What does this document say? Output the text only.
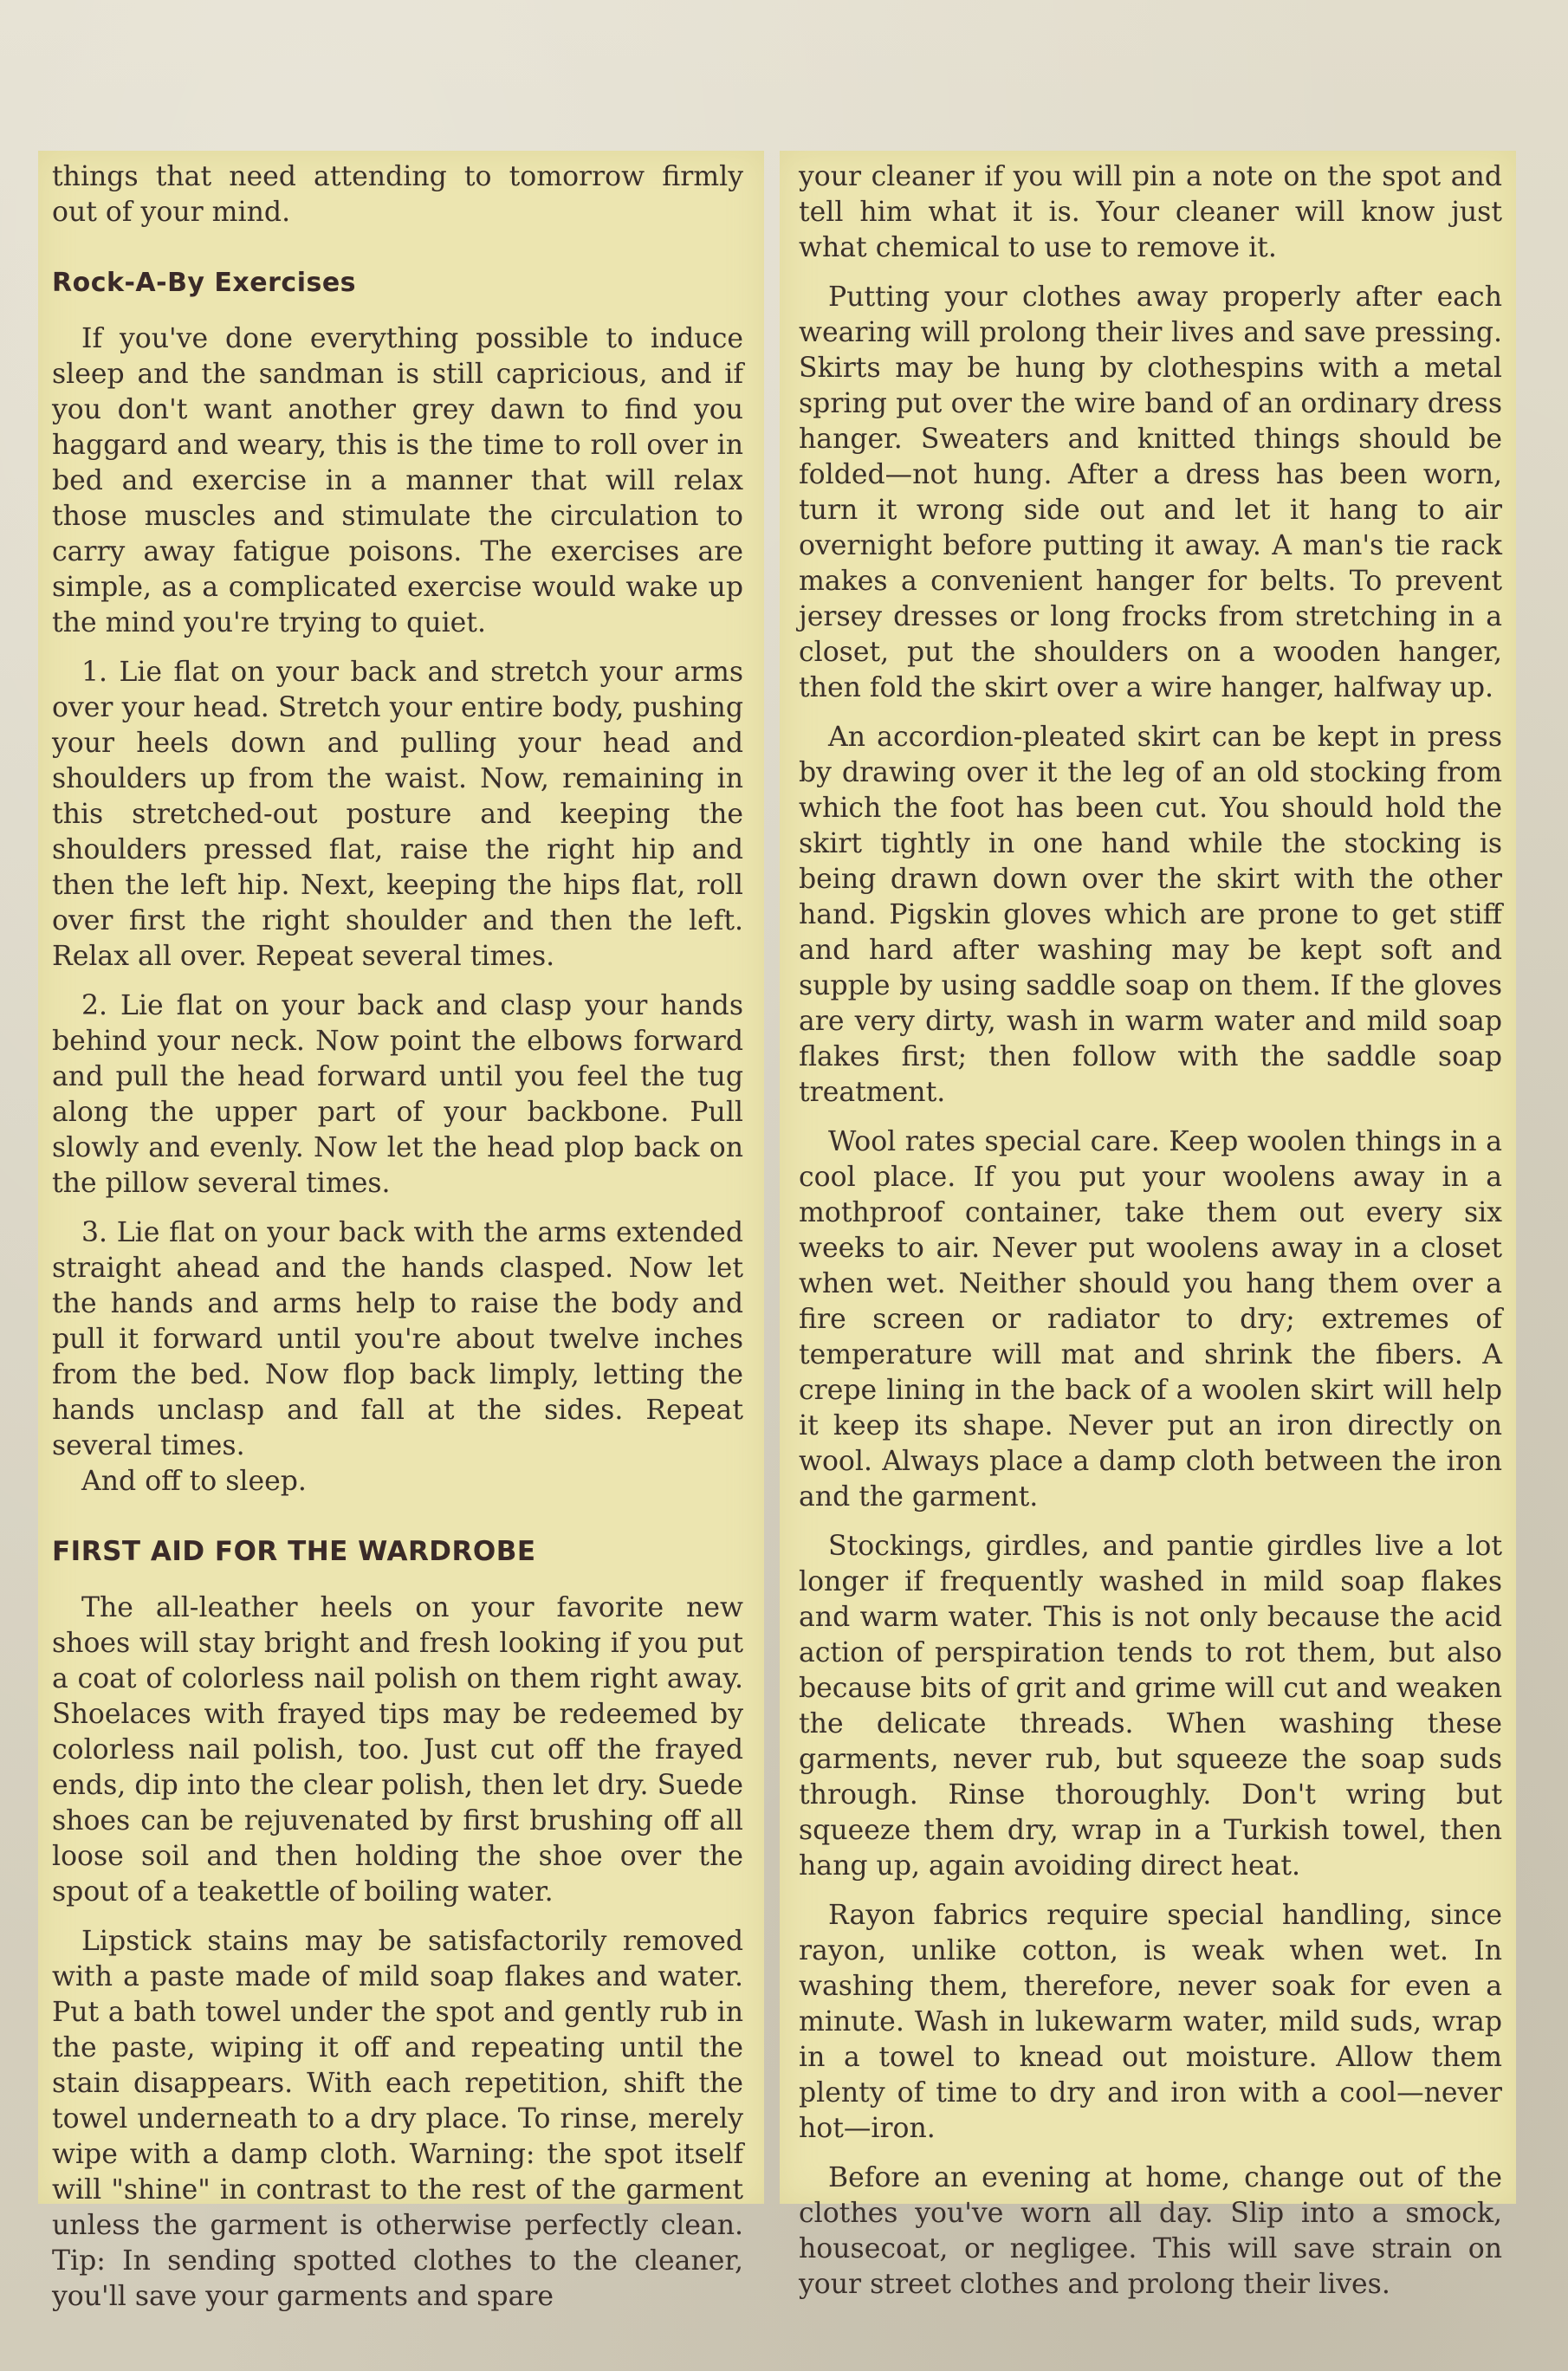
things that need attending to tomorrow firmly out of your mind.

Rock-A-By Exercises

If you've done everything possible to induce sleep and the sandman is still capricious, and if you don't want another grey dawn to find you haggard and weary, this is the time to roll over in bed and exercise in a manner that will relax those muscles and stimulate the circulation to carry away fatigue poisons. The exercises are simple, as a complicated exercise would wake up the mind you're trying to quiet.

1. Lie flat on your back and stretch your arms over your head. Stretch your entire body, pushing your heels down and pulling your head and shoulders up from the waist. Now, remaining in this stretched-out posture and keeping the shoulders pressed flat, raise the right hip and then the left hip. Next, keeping the hips flat, roll over first the right shoulder and then the left. Relax all over. Repeat several times.

2. Lie flat on your back and clasp your hands behind your neck. Now point the elbows forward and pull the head forward until you feel the tug along the upper part of your backbone. Pull slowly and evenly. Now let the head plop back on the pillow several times.

3. Lie flat on your back with the arms extended straight ahead and the hands clasped. Now let the hands and arms help to raise the body and pull it forward until you're about twelve inches from the bed. Now flop back limply, letting the hands unclasp and fall at the sides. Repeat several times.

And off to sleep.

FIRST AID FOR THE WARDROBE

The all-leather heels on your favorite new shoes will stay bright and fresh looking if you put a coat of colorless nail polish on them right away. Shoelaces with frayed tips may be redeemed by colorless nail polish, too. Just cut off the frayed ends, dip into the clear polish, then let dry. Suede shoes can be rejuvenated by first brushing off all loose soil and then holding the shoe over the spout of a teakettle of boiling water.

Lipstick stains may be satisfactorily removed with a paste made of mild soap flakes and water. Put a bath towel under the spot and gently rub in the paste, wiping it off and repeating until the stain disappears. With each repetition, shift the towel underneath to a dry place. To rinse, merely wipe with a damp cloth. Warning: the spot itself will "shine" in contrast to the rest of the garment unless the garment is otherwise perfectly clean. Tip: In sending spotted clothes to the cleaner, you'll save your garments and spare

your cleaner if you will pin a note on the spot and tell him what it is. Your cleaner will know just what chemical to use to remove it.

Putting your clothes away properly after each wearing will prolong their lives and save pressing. Skirts may be hung by clothespins with a metal spring put over the wire band of an ordinary dress hanger. Sweaters and knitted things should be folded—not hung. After a dress has been worn, turn it wrong side out and let it hang to air overnight before putting it away. A man's tie rack makes a convenient hanger for belts. To prevent jersey dresses or long frocks from stretching in a closet, put the shoulders on a wooden hanger, then fold the skirt over a wire hanger, halfway up.

An accordion-pleated skirt can be kept in press by drawing over it the leg of an old stocking from which the foot has been cut. You should hold the skirt tightly in one hand while the stocking is being drawn down over the skirt with the other hand. Pigskin gloves which are prone to get stiff and hard after washing may be kept soft and supple by using saddle soap on them. If the gloves are very dirty, wash in warm water and mild soap flakes first; then follow with the saddle soap treatment.

Wool rates special care. Keep woolen things in a cool place. If you put your woolens away in a mothproof container, take them out every six weeks to air. Never put woolens away in a closet when wet. Neither should you hang them over a fire screen or radiator to dry; extremes of temperature will mat and shrink the fibers. A crepe lining in the back of a woolen skirt will help it keep its shape. Never put an iron directly on wool. Always place a damp cloth between the iron and the garment.

Stockings, girdles, and pantie girdles live a lot longer if frequently washed in mild soap flakes and warm water. This is not only because the acid action of perspiration tends to rot them, but also because bits of grit and grime will cut and weaken the delicate threads. When washing these garments, never rub, but squeeze the soap suds through. Rinse thoroughly. Don't wring but squeeze them dry, wrap in a Turkish towel, then hang up, again avoiding direct heat.

Rayon fabrics require special handling, since rayon, unlike cotton, is weak when wet. In washing them, therefore, never soak for even a minute. Wash in lukewarm water, mild suds, wrap in a towel to knead out moisture. Allow them plenty of time to dry and iron with a cool—never hot—iron.

Before an evening at home, change out of the clothes you've worn all day. Slip into a smock, housecoat, or negligee. This will save strain on your street clothes and prolong their lives.
